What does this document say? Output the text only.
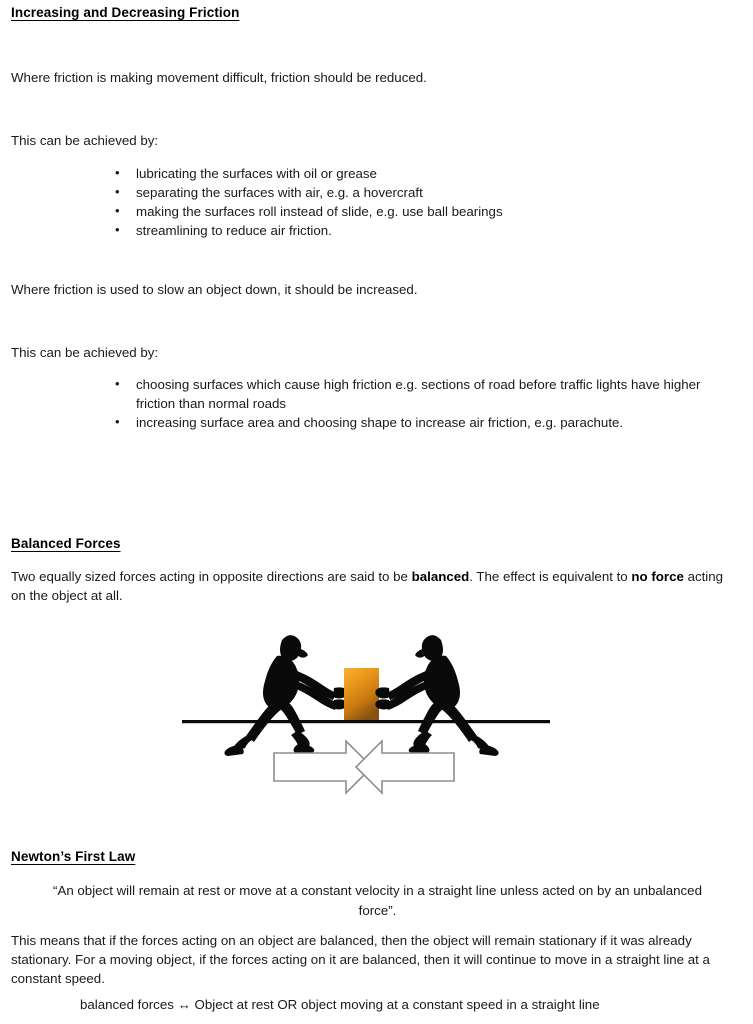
Increasing and Decreasing Friction
Where friction is making movement difficult, friction should be reduced.
This can be achieved by:
• lubricating the surfaces with oil or grease
• separating the surfaces with air, e.g. a hovercraft
• making the surfaces roll instead of slide, e.g. use ball bearings
• streamlining to reduce air friction.
Where friction is used to slow an object down, it should be increased.
This can be achieved by:
• choosing surfaces which cause high friction e.g. sections of road before traffic lights have higher friction than normal roads
• increasing surface area and choosing shape to increase air friction, e.g. parachute.
Balanced Forces
Two equally sized forces acting in opposite directions are said to be balanced. The effect is equivalent to no force acting on the object at all.
Newton’s First Law
“An object will remain at rest or move at a constant velocity in a straight line unless acted on by an unbalanced force”.
This means that if the forces acting on an object are balanced, then the object will remain stationary if it was already stationary. For a moving object, if the forces acting on it are balanced, then it will continue to move in a straight line at a constant speed.
balanced forces ↔ Object at rest OR object moving at a constant speed in a straight line
